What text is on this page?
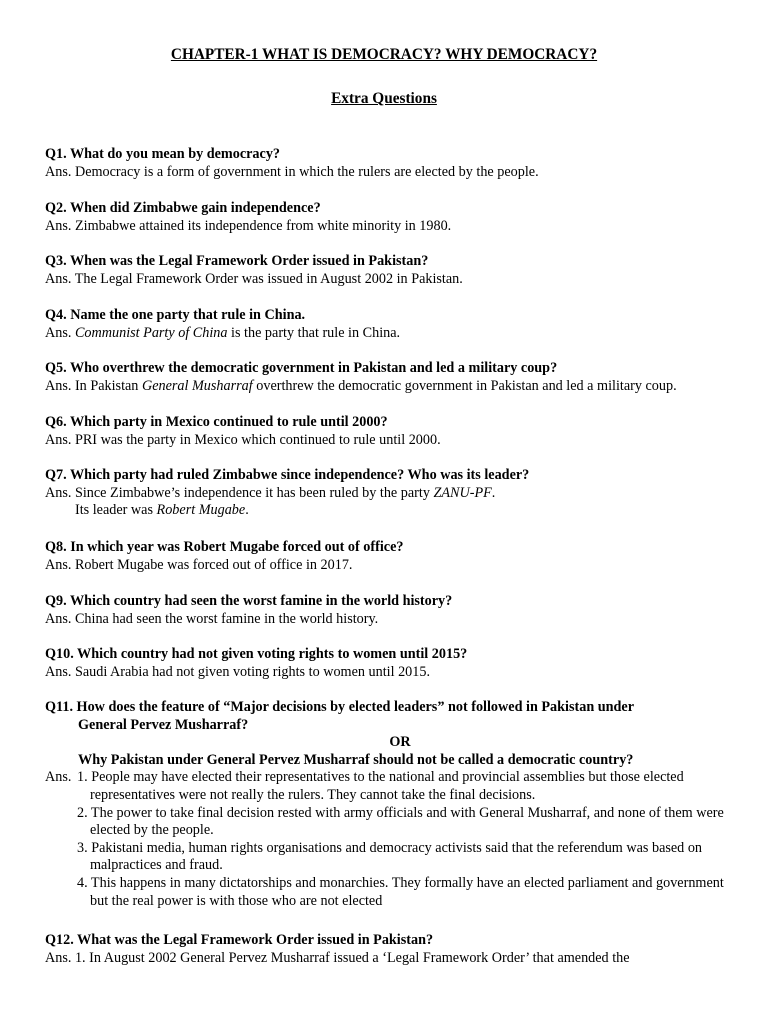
CHAPTER-1 WHAT IS DEMOCRACY? WHY DEMOCRACY?
Extra Questions

Q1. What do you mean by democracy?

Ans. Democracy is a form of government in which the rulers are elected by the people.

Q2. When did Zimbabwe gain independence?

Ans. Zimbabwe attained its independence from white minority in 1980.

Q3. When was the Legal Framework Order issued in Pakistan?

Ans. The Legal Framework Order was issued in August 2002 in Pakistan.

Q4. Name the one party that rule in China.

Ans. Communist Party of China is the party that rule in China.

Q5. Who overthrew the democratic government in Pakistan and led a military coup?

Ans. In Pakistan General Musharraf overthrew the democratic government in Pakistan and led a military coup.

Q6. Which party in Mexico continued to rule until 2000?

Ans. PRI was the party in Mexico which continued to rule until 2000.

Q7. Which party had ruled Zimbabwe since independence? Who was its leader?

Ans. Since Zimbabwe’s independence it has been ruled by the party ZANU-PF.

Its leader was Robert Mugabe.

Q8. In which year was Robert Mugabe forced out of office?

Ans. Robert Mugabe was forced out of office in 2017.

Q9. Which country had seen the worst famine in the world history?

Ans. China had seen the worst famine in the world history.

Q10. Which country had not given voting rights to women until 2015?

Ans. Saudi Arabia had not given voting rights to women until 2015.

Q11. How does the feature of “Major decisions by elected leaders” not followed in Pakistan under

General Pervez Musharraf?

OR

Why Pakistan under General Pervez Musharraf should not be called a democratic country?

Ans. 1. People may have elected their representatives to the national and provincial assemblies but those elected representatives were not really the rulers. They cannot take the final decisions.

2. The power to take final decision rested with army officials and with General Musharraf, and none of them were elected by the people.

3. Pakistani media, human rights organisations and democracy activists said that the referendum was based on malpractices and fraud.

4. This happens in many dictatorships and monarchies. They formally have an elected parliament and government but the real power is with those who are not elected

Q12. What was the Legal Framework Order issued in Pakistan?

Ans. 1. In August 2002 General Pervez Musharraf issued a ‘Legal Framework Order’ that amended the
